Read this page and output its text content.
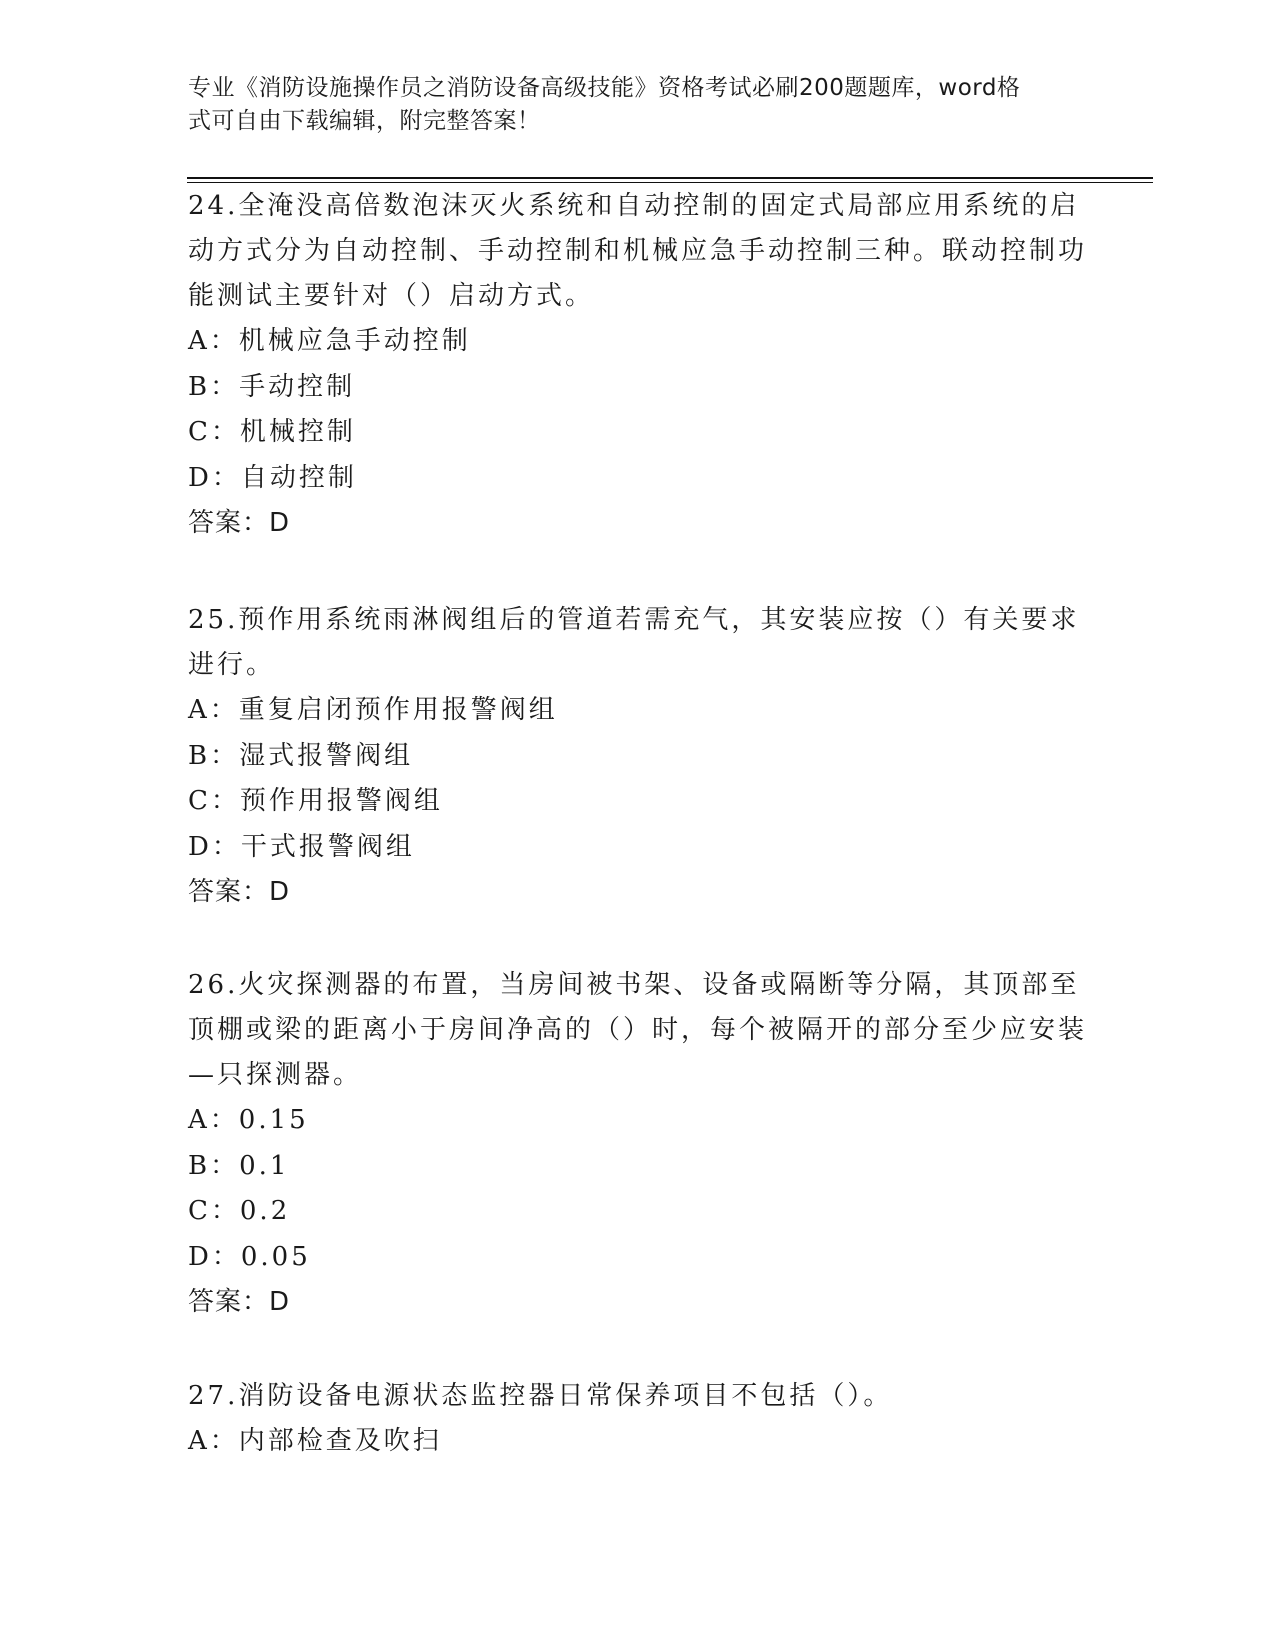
专业《消防设施操作员之消防设备高级技能》资格考试必刷200题题库，word格
式可自由下载编辑，附完整答案！

24.全淹没高倍数泡沫灭火系统和自动控制的固定式局部应用系统的启动方式分为自动控制、手动控制和机械应急手动控制三种。联动控制功能测试主要针对（）启动方式。

A：机械应急手动控制

B：手动控制

C：机械控制

D：自动控制

答案：D

25.预作用系统雨淋阀组后的管道若需充气，其安装应按（）有关要求进行。

A：重复启闭预作用报警阀组

B：湿式报警阀组

C：预作用报警阀组

D：干式报警阀组

答案：D

26.火灾探测器的布置，当房间被书架、设备或隔断等分隔，其顶部至顶棚或梁的距离小于房间净高的（）时，每个被隔开的部分至少应安装—只探测器。

A：0.15

B：0.1

C：0.2

D：0.05

答案：D

27.消防设备电源状态监控器日常保养项目不包括（）。

A：内部检查及吹扫
